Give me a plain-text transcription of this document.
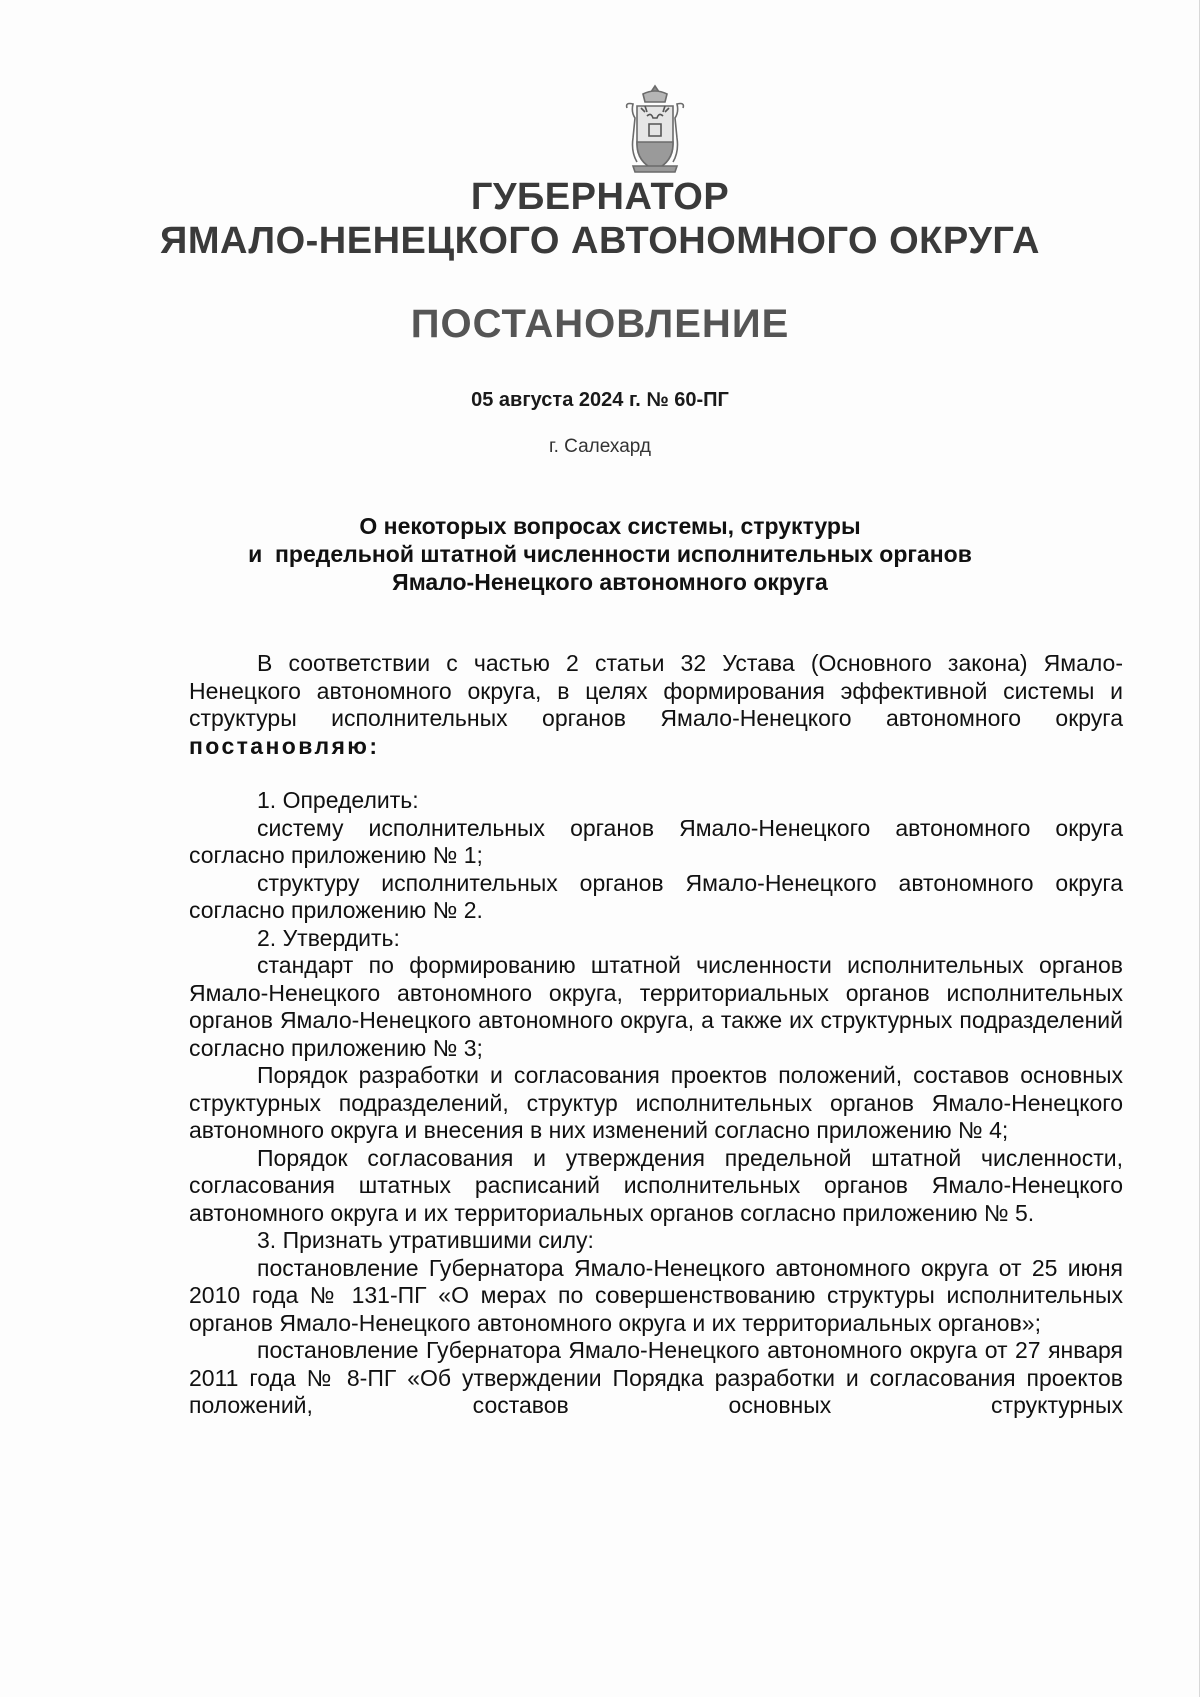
ГУБЕРНАТОР
ЯМАЛО-НЕНЕЦКОГО АВТОНОМНОГО ОКРУГА
ПОСТАНОВЛЕНИЕ
05 августа 2024 г. № 60-ПГ
г. Салехард
О некоторых вопросах системы, структуры
и  предельной штатной численности исполнительных органов
Ямало-Ненецкого автономного округа

В соответствии с частью 2 статьи 32 Устава (Основного закона) Ямало-Ненецкого автономного округа, в целях формирования эффективной системы и структуры исполнительных органов Ямало-Ненецкого автономного округа постановляю:

1. Определить:

систему исполнительных органов Ямало-Ненецкого автономного округа согласно приложению № 1;

структуру исполнительных органов Ямало-Ненецкого автономного округа согласно приложению № 2.

2. Утвердить:

стандарт по формированию штатной численности исполнительных органов Ямало-Ненецкого автономного округа, территориальных органов исполнительных органов Ямало-Ненецкого автономного округа, а также их структурных подразделений согласно приложению № 3;

Порядок разработки и согласования проектов положений, составов основных структурных подразделений, структур исполнительных органов Ямало-Ненецкого автономного округа и внесения в них изменений согласно приложению № 4;

Порядок согласования и утверждения предельной штатной численности, согласования штатных расписаний исполнительных органов Ямало-Ненецкого автономного округа и их территориальных органов согласно приложению № 5.

3. Признать утратившими силу:

постановление Губернатора Ямало-Ненецкого автономного округа от 25 июня 2010 года № 131-ПГ «О мерах по совершенствованию структуры исполнительных органов Ямало-Ненецкого автономного округа и их территориальных органов»;

постановление Губернатора Ямало-Ненецкого автономного округа от 27 января 2011 года № 8-ПГ «Об утверждении Порядка разработки и согласования проектов положений, составов основных структурных
